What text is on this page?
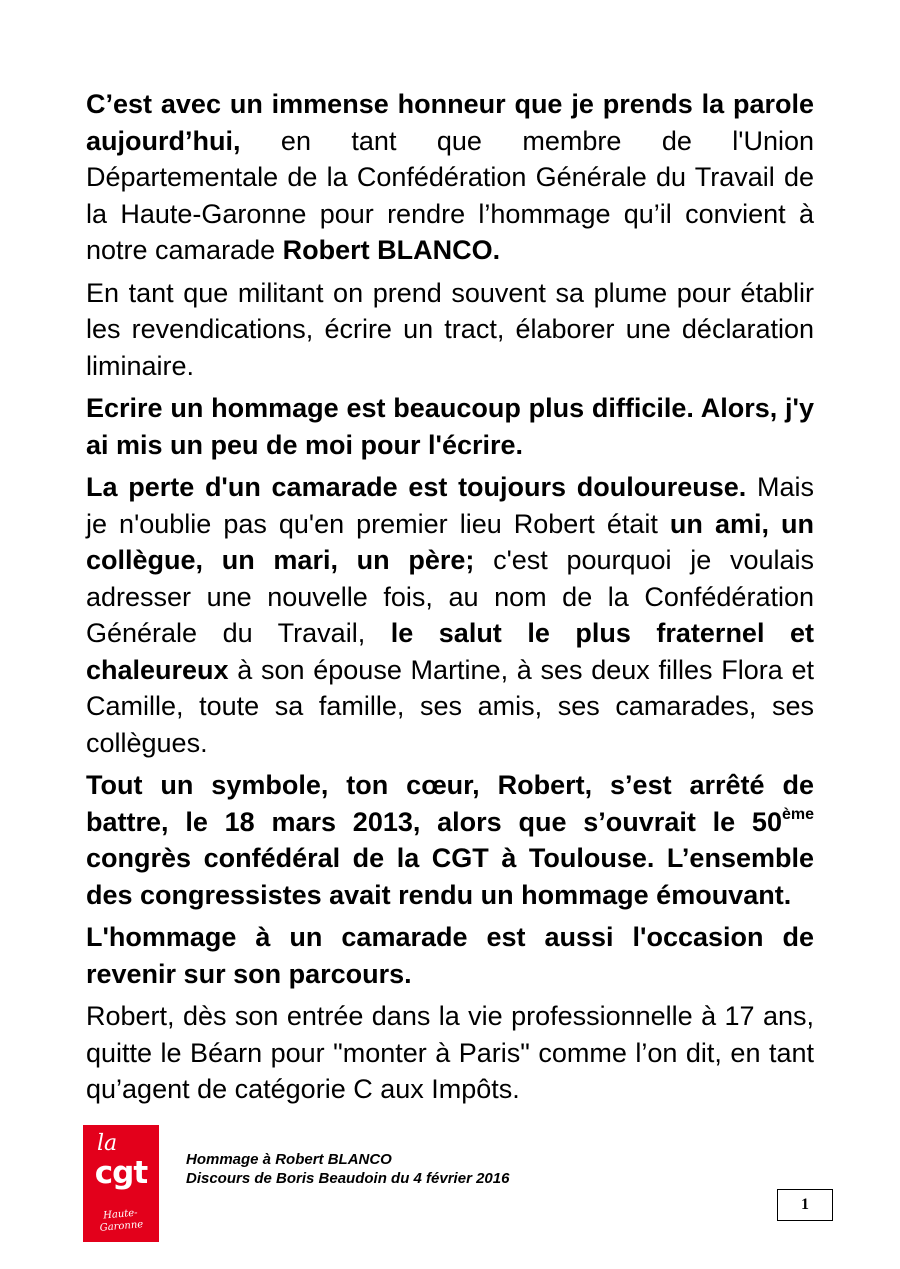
C’est avec un immense honneur que je prends la parole aujourd’hui, en tant que membre de l'Union Départementale de la Confédération Générale du Travail de la Haute-Garonne pour rendre l’hommage qu’il convient à notre camarade Robert BLANCO.

En tant que militant on prend souvent sa plume pour établir les revendications, écrire un tract, élaborer une déclaration liminaire.

Ecrire un hommage est beaucoup plus difficile. Alors, j'y ai mis un peu de moi pour l'écrire.

La perte d'un camarade est toujours douloureuse. Mais je n'oublie pas qu'en premier lieu Robert était un ami, un collègue, un mari, un père; c'est pourquoi je voulais adresser une nouvelle fois, au nom de la Confédération Générale du Travail, le salut le plus fraternel et chaleureux à son épouse Martine, à ses deux filles Flora et Camille, toute sa famille, ses amis, ses camarades, ses collègues.

Tout un symbole, ton cœur, Robert, s’est arrêté de battre, le 18 mars 2013, alors que s’ouvrait le 50ème congrès confédéral de la CGT à Toulouse. L’ensemble des congressistes avait rendu un hommage émouvant.

L'hommage à un camarade est aussi l'occasion de revenir sur son parcours.

Robert, dès son entrée dans la vie professionnelle à 17 ans, quitte le Béarn pour "monter à Paris" comme l’on dit, en tant qu’agent de catégorie C aux Impôts.

la
cgt
Haute-Garonne
Hommage à Robert BLANCO
Discours de Boris Beaudoin du 4 février 2016
1
